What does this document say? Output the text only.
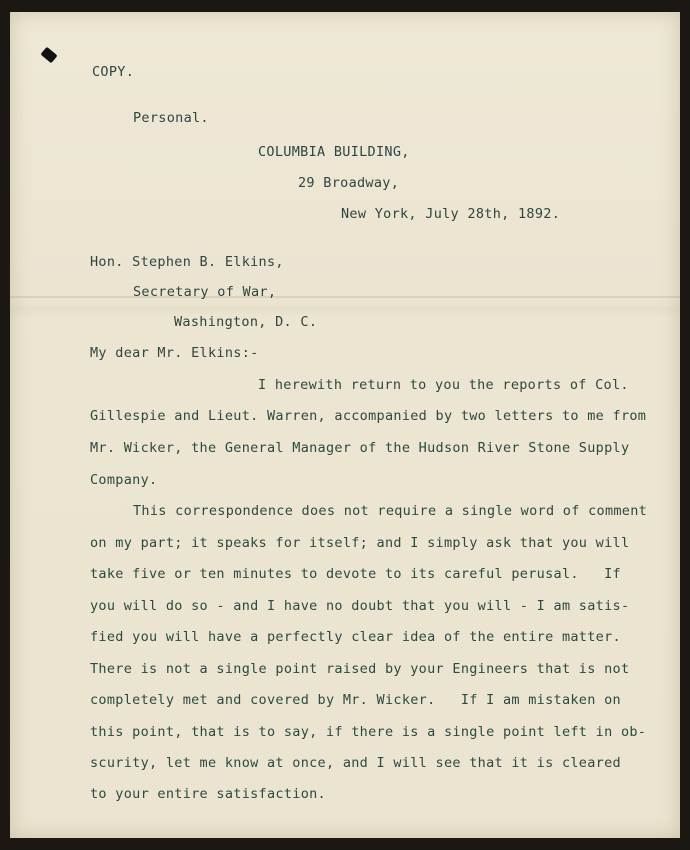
COPY.

Personal.

COLUMBIA BUILDING,

29 Broadway,

New York, July 28th, 1892.

Hon. Stephen B. Elkins,

Secretary of War,

Washington, D. C.

My dear Mr. Elkins:-

I herewith return to you the reports of Col.

Gillespie and Lieut. Warren, accompanied by two letters to me from

Mr. Wicker, the General Manager of the Hudson River Stone Supply

Company.

This correspondence does not require a single word of comment

on my part; it speaks for itself; and I simply ask that you will

take five or ten minutes to devote to its careful perusal.   If

you will do so - and I have no doubt that you will - I am satis-

fied you will have a perfectly clear idea of the entire matter.

There is not a single point raised by your Engineers that is not

completely met and covered by Mr. Wicker.   If I am mistaken on

this point, that is to say, if there is a single point left in ob-

scurity, let me know at once, and I will see that it is cleared

to your entire satisfaction.
